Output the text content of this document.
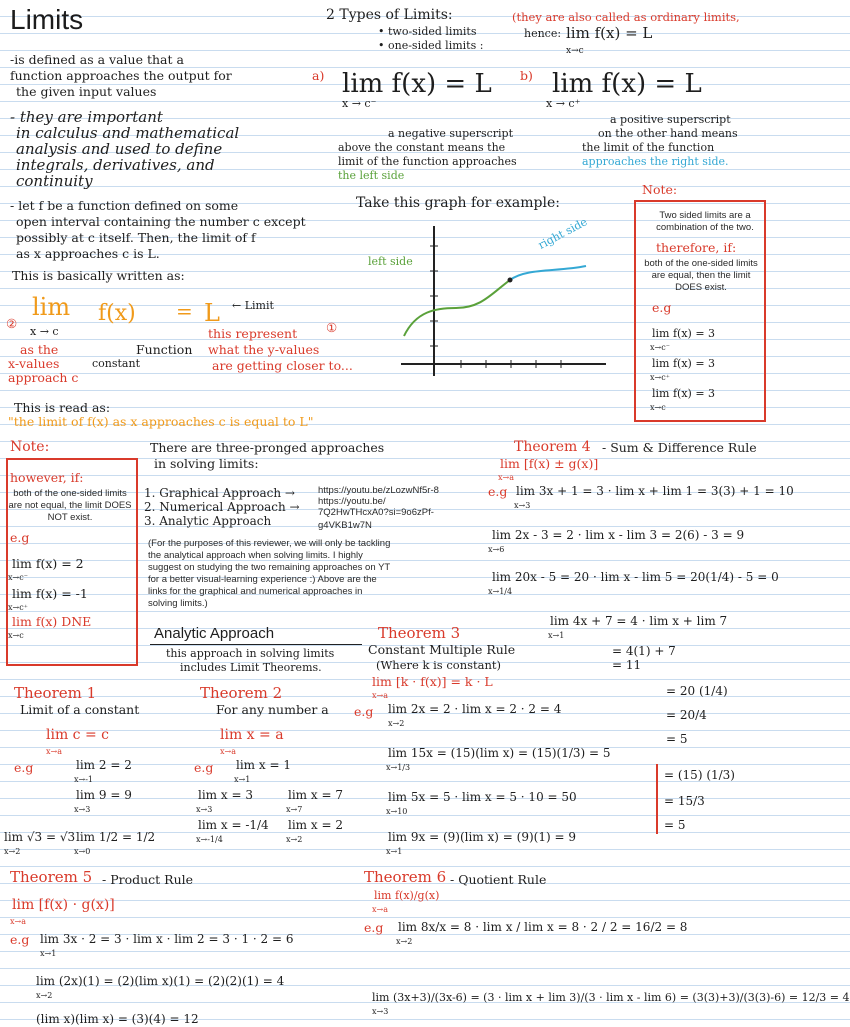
Limits
-is defined as a value that a
function approaches the output for
the given input values
- they are important
in calculus and mathematical
analysis and used to define
integrals, derivatives, and
continuity
- let f be a function defined on some
open interval containing the number c except
possibly at c itself. Then, the limit of f
as x approaches c is L.
This is basically written as:
lim
x → c
f(x) = L ← Limit
②
as the
x-values
approach c
constant
Function
this represent ①
what the y-values
are getting closer to...
This is read as:
"the limit of f(x) as x approaches c is equal to L"
2 Types of Limits:
• two-sided limits
• one-sided limits :
(they are also called as ordinary limits,
hence: lim f(x) = L
x→c
a) lim f(x) = L
x → c⁻
a negative superscript
above the constant means the
limit of the function approaches
the left side
b) lim f(x) = L
x → c⁺
a positive superscript
on the other hand means
the limit of the function
approaches the right side.
Take this graph for example:
left side
right side
Note:
Two sided limits are a combination of the two.
therefore, if:
both of the one-sided limits are equal, then the limit DOES exist.
e.g
lim f(x) = 3
x→c⁻
lim f(x) = 3
x→c⁺
lim f(x) = 3
x→c
Note:
however, if:
both of the one-sided limits are not equal, the limit DOES NOT exist.
e.g
lim f(x) = 2
x→c⁻
lim f(x) = -1
x→c⁺
lim f(x) DNE
x→c
There are three-pronged approaches
in solving limits:
1. Graphical Approach →
2. Numerical Approach →
3. Analytic Approach
https://youtu.be/zLozwNf5r-8
https://youtu.be/
7Q2HwTHcxA0?si=9o6zPf-
g4VKB1w7N
(For the purposes of this reviewer, we will only be tackling the analytical approach when solving limits. I highly suggest on studying the two remaining approaches on YT for a better visual-learning experience :) Above are the links for the graphical and numerical approaches in solving limits.)
Analytic Approach
this approach in solving limits
includes Limit Theorems.
Theorem 4 - Sum & Difference Rule
lim [f(x) ± g(x)]
x→a
e.g lim 3x + 1 = 3 · lim x + lim 1 = 3(3) + 1 = 10
x→3
lim 2x - 3 = 2 · lim x - lim 3 = 2(6) - 3 = 9
x→6
lim 20x - 5 = 20 · lim x - lim 5 = 20(1/4) - 5 = 0
x→1/4
lim 4x + 7 = 4 · lim x + lim 7
x→1
= 4(1) + 7
= 11
= 20 (1/4)
= 20/4
= 5
= (15) (1/3)
= 15/3
= 5
Theorem 3
Constant Multiple Rule
(Where k is constant)
lim [k · f(x)] = k · L
x→a
e.g lim 2x = 2 · lim x = 2 · 2 = 4
x→2
lim 15x = (15)(lim x) = (15)(1/3) = 5
x→1/3
lim 5x = 5 · lim x = 5 · 10 = 50
x→10
lim 9x = (9)(lim x) = (9)(1) = 9
x→1
Theorem 1
Limit of a constant
lim c = c
x→a
e.g	lim 2 = 2
x→-1
lim 9 = 9
x→3
lim √3 = √3
x→2
lim 1/2 = 1/2
x→0
Theorem 2
For any number a
lim x = a
x→a
e.g lim x = 1
x→1
lim x = 3
x→3
lim x = 7
x→7
lim x = -1/4
x→-1/4
lim x = 2
x→2
Theorem 5 - Product Rule
lim [f(x) · g(x)]
x→a
e.g lim 3x · 2 = 3 · lim x · lim 2 = 3 · 1 · 2 = 6
x→1
lim (2x)(1) = (2)(lim x)(1) = (2)(2)(1) = 4
x→2
(lim x)(lim x) = (3)(4) = 12
Theorem 6 - Quotient Rule
lim f(x)/g(x)
x→a
e.g lim 8x/x = 8 · lim x / lim x = 8 · 2 / 2 = 16/2 = 8
x→2
lim (3x+3)/(3x-6) = (3 · lim x + lim 3)/(3 · lim x - lim 6) = (3(3)+3)/(3(3)-6) = 12/3 = 4
x→3
